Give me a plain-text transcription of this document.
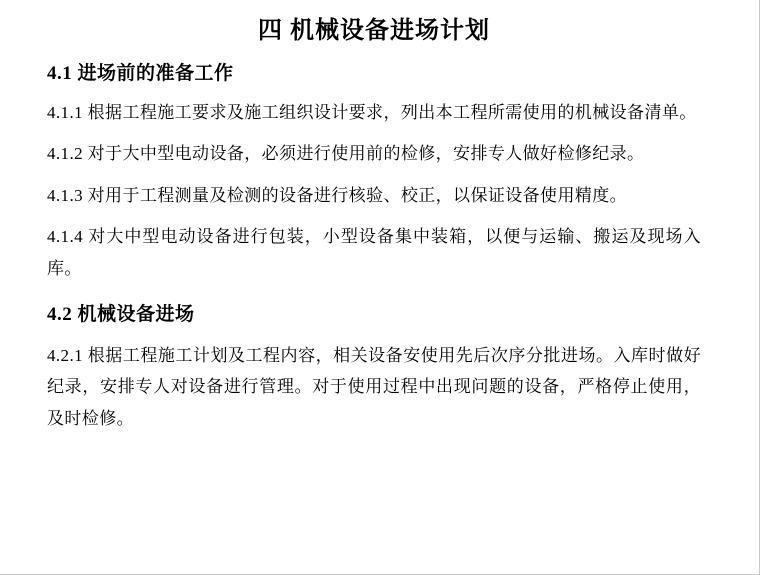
四 机械设备进场计划
4.1 进场前的准备工作

4.1.1 根据工程施工要求及施工组织设计要求，列出本工程所需使用的机械设备清单。

4.1.2 对于大中型电动设备，必须进行使用前的检修，安排专人做好检修纪录。

4.1.3 对用于工程测量及检测的设备进行核验、校正，以保证设备使用精度。

4.1.4 对大中型电动设备进行包装，小型设备集中装箱，以便与运输、搬运及现场入库。

4.2 机械设备进场

4.2.1 根据工程施工计划及工程内容，相关设备安使用先后次序分批进场。入库时做好纪录，安排专人对设备进行管理。对于使用过程中出现问题的设备，严格停止使用，及时检修。
